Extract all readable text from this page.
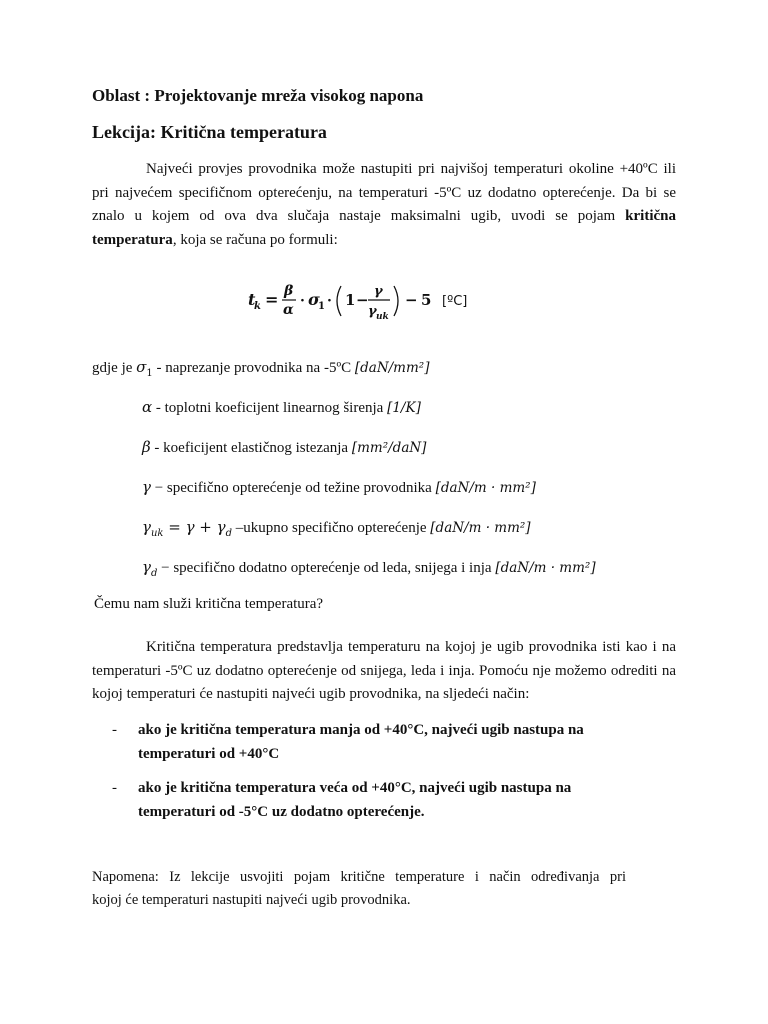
Oblast : Projektovanje mreža visokog napona
Lekcija: Kritična temperatura
Najveći provjes provodnika može nastupiti pri najvišoj temperaturi okoline +40ºC ili pri najvećem specifičnom opterećenju, na temperaturi -5ºC uz dodatno opterećenje. Da bi se znalo u kojem od ova dva slučaja nastaje maksimalni ugib, uvodi se pojam kritična temperatura, koja se računa po formuli:
t
k = β
α
· σ
1 · 1 − γ
γ uk
− 5 [ºC]
gdje je $\sigma_1$ - naprezanje provodnika na -5ºC [daN/mm²]
α - toplotni koeficijent linearnog širenja [1/K]
β - koeficijent elastičnog istezanja [mm²/daN]
γ − specifično opterećenje od težine provodnika [daN/m · mm²]
$\gamma_{uk} = \gamma + \gamma_d$ –ukupno specifično opterećenje [daN/m · mm²]
$\gamma_d$ − specifično dodatno opterećenje od leda, snijega i inja [daN/m · mm²]
Čemu nam služi kritična temperatura?
Kritična temperatura predstavlja temperaturu na kojoj je ugib provodnika isti kao i na temperaturi -5ºC uz dodatno opterećenje od snijega, leda i inja. Pomoću nje možemo odrediti na kojoj temperaturi će nastupiti najveći ugib provodnika, na sljedeći način:
- ako je kritična temperatura manja od +40°C, najveći ugib nastupa na temperaturi od +40°C
- ako je kritična temperatura veća od +40°C, najveći ugib nastupa na temperaturi od -5°C uz dodatno opterećenje.
Napomena: Iz lekcije usvojiti pojam kritične temperature i način određivanja pri
kojoj će temperaturi nastupiti najveći ugib provodnika.
